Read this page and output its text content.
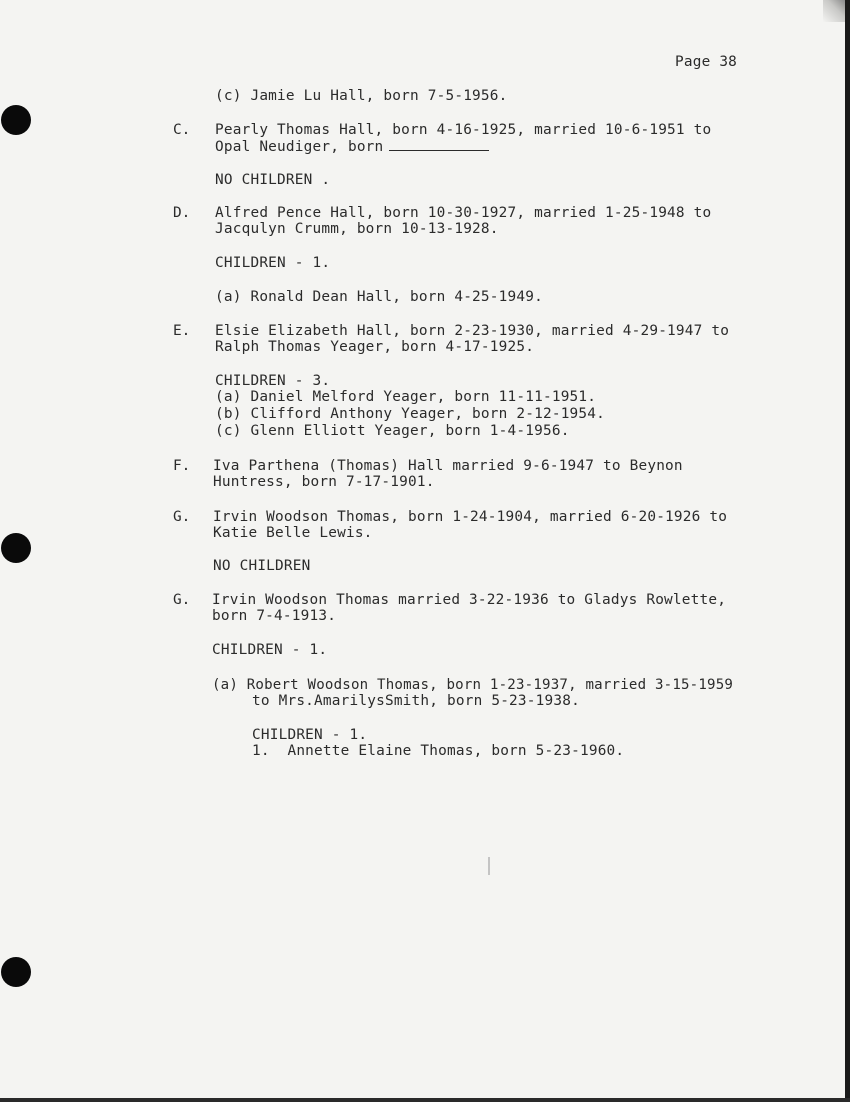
Page 38

(c) Jamie Lu Hall, born 7-5-1956.

C. Pearly Thomas Hall, born 4-16-1925, married 10-6-1951 to

Opal Neudiger, born

NO CHILDREN .

D. Alfred Pence Hall, born 10-30-1927, married 1-25-1948 to

Jacqulyn Crumm, born 10-13-1928.

CHILDREN - 1.

(a) Ronald Dean Hall, born 4-25-1949.

E. Elsie Elizabeth Hall, born 2-23-1930, married 4-29-1947 to

Ralph Thomas Yeager, born 4-17-1925.

CHILDREN - 3.

(a) Daniel Melford Yeager, born 11-11-1951.

(b) Clifford Anthony Yeager, born 2-12-1954.

(c) Glenn Elliott Yeager, born 1-4-1956.

F. Iva Parthena (Thomas) Hall married 9-6-1947 to Beynon

Huntress, born 7-17-1901.

G. Irvin Woodson Thomas, born 1-24-1904, married 6-20-1926 to

Katie Belle Lewis.

NO CHILDREN

G. Irvin Woodson Thomas married 3-22-1936 to Gladys Rowlette,

born 7-4-1913.

CHILDREN - 1.

(a) Robert Woodson Thomas, born 1-23-1937, married 3-15-1959

to Mrs.AmarilysSmith, born 5-23-1938.

CHILDREN - 1.

1.  Annette Elaine Thomas, born 5-23-1960.
